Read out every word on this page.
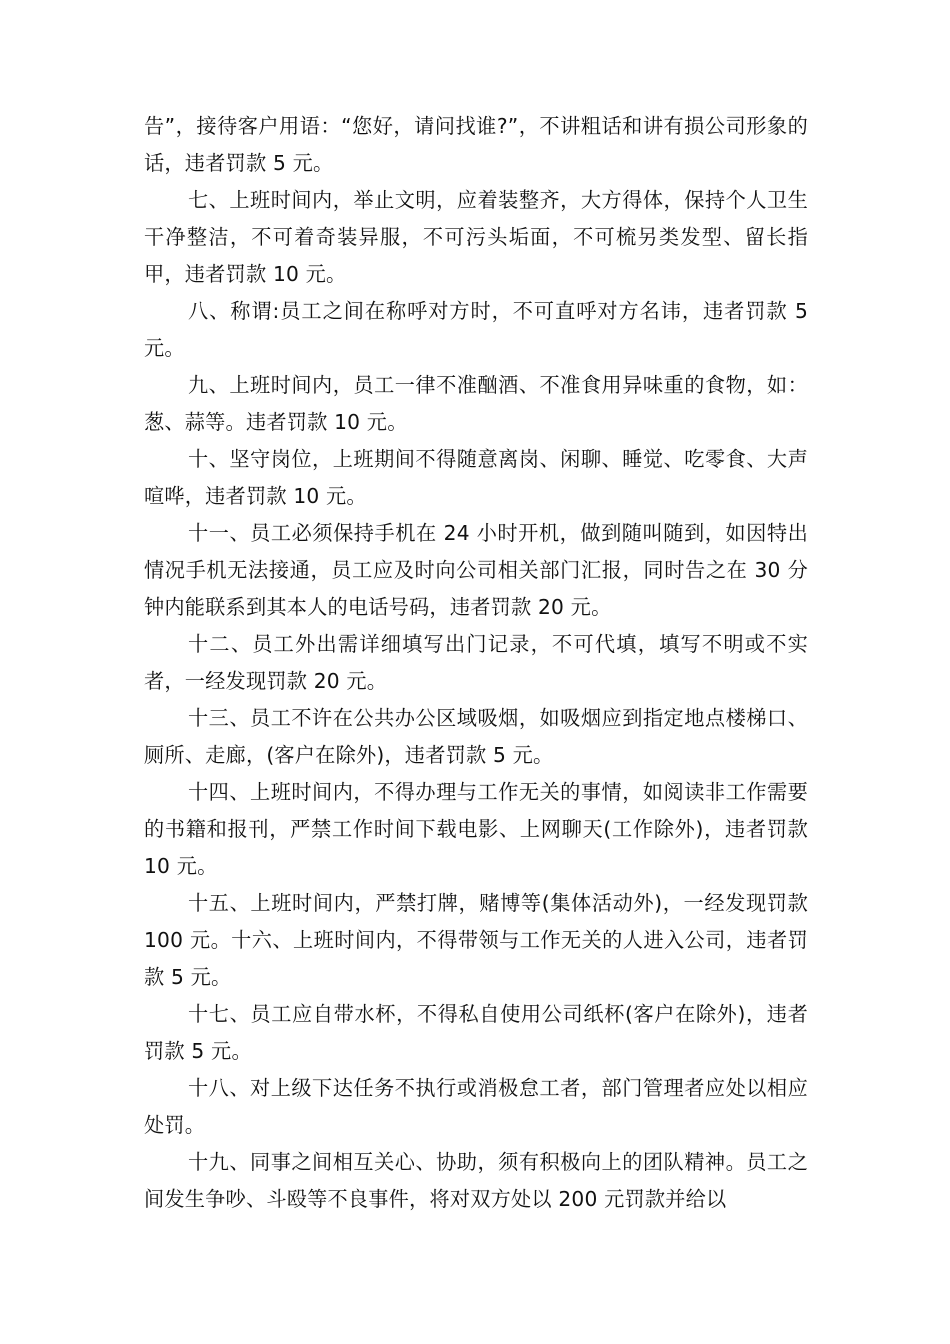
告”，接待客户用语：“您好，请问找谁?”，不讲粗话和讲有损公司形象的话，违者罚款 5 元。

七、上班时间内，举止文明，应着装整齐，大方得体，保持个人卫生干净整洁，不可着奇装异服，不可污头垢面，不可梳另类发型、留长指甲，违者罚款 10 元。

八、称谓:员工之间在称呼对方时，不可直呼对方名讳，违者罚款 5 元。

九、上班时间内，员工一律不准酗酒、不准食用异味重的食物，如：葱、蒜等。违者罚款 10 元。

十、坚守岗位，上班期间不得随意离岗、闲聊、睡觉、吃零食、大声喧哗，违者罚款 10 元。

十一、员工必须保持手机在 24 小时开机，做到随叫随到，如因特出情况手机无法接通，员工应及时向公司相关部门汇报，同时告之在 30 分钟内能联系到其本人的电话号码，违者罚款 20 元。

十二、员工外出需详细填写出门记录，不可代填，填写不明或不实者，一经发现罚款 20 元。

十三、员工不许在公共办公区域吸烟，如吸烟应到指定地点楼梯口、厕所、走廊，(客户在除外)，违者罚款 5 元。

十四、上班时间内，不得办理与工作无关的事情，如阅读非工作需要的书籍和报刊，严禁工作时间下载电影、上网聊天(工作除外)，违者罚款 10 元。

十五、上班时间内，严禁打牌，赌博等(集体活动外)，一经发现罚款 100 元。十六、上班时间内，不得带领与工作无关的人进入公司，违者罚款 5 元。

十七、员工应自带水杯，不得私自使用公司纸杯(客户在除外)，违者罚款 5 元。

十八、对上级下达任务不执行或消极怠工者，部门管理者应处以相应处罚。

十九、同事之间相互关心、协助，须有积极向上的团队精神。员工之间发生争吵、斗殴等不良事件，将对双方处以 200 元罚款并给以
